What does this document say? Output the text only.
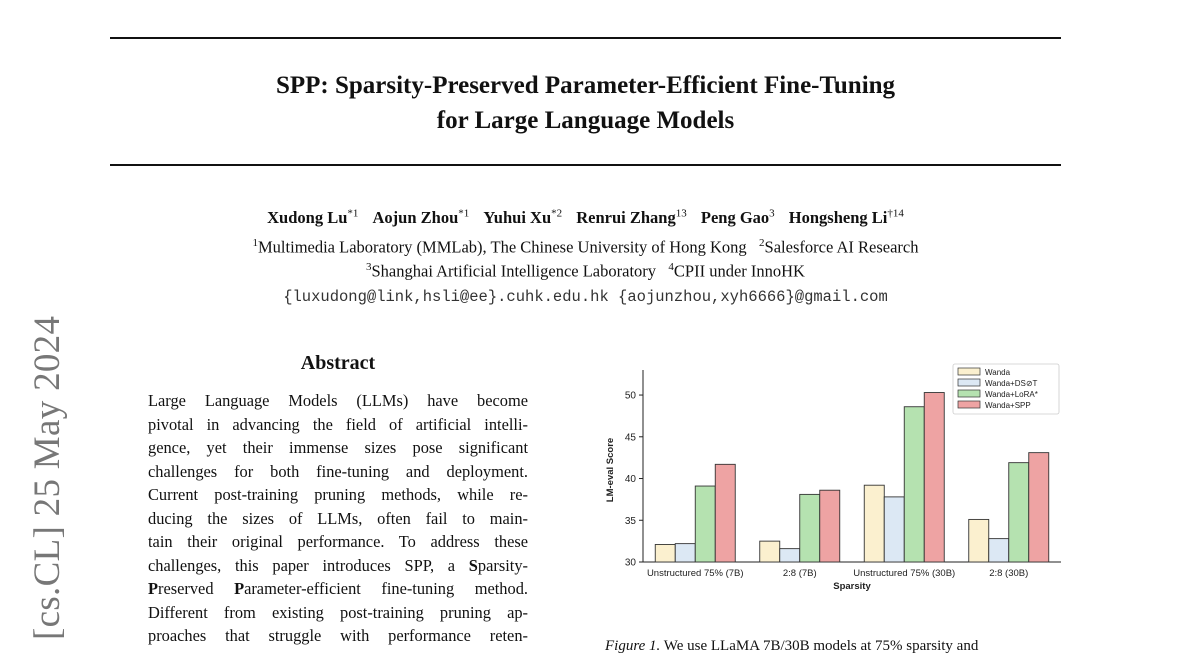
SPP: Sparsity-Preserved Parameter-Efficient Fine-Tuning
for Large Language Models
Xudong Lu$^{*1}$ Aojun Zhou$^{*1}$ Yuhui Xu$^{*2}$ Renrui Zhang$^{13}$ Peng Gao$^3$ Hongsheng Li$^{\dagger 14}$
$^1$Multimedia Laboratory (MMLab), The Chinese University of Hong Kong $^2$Salesforce AI Research
$^3$Shanghai Artificial Intelligence Laboratory $^4$CPII under InnoHK
{luxudong@link,hsli@ee}.cuhk.edu.hk {aojunzhou,xyh6666}@gmail.com
[cs.CL] 25 May 2024	Abstract
Large Language Models (LLMs) have become
pivotal in advancing the field of artificial intelli-
gence, yet their immense sizes pose significant
challenges for both fine-tuning and deployment.
Current post-training pruning methods, while re-
ducing the sizes of LLMs, often fail to main-
tain their original performance. To address these
challenges, this paper introduces SPP, a Sparsity-
Preserved Parameter-efficient fine-tuning method.
Different from existing post-training pruning ap-
proaches that struggle with performance reten-
30
35
40
45
50
LM-eval Score
Unstructured 75% (7B)	2:8 (7B)	Unstructured 75% (30B)	2:8 (30B)
Sparsity
Wanda
Wanda+DS⊘T
Wanda+LoRA*
Wanda+SPP
Figure 1. We use LLaMA 7B/30B models at 75% sparsity and
